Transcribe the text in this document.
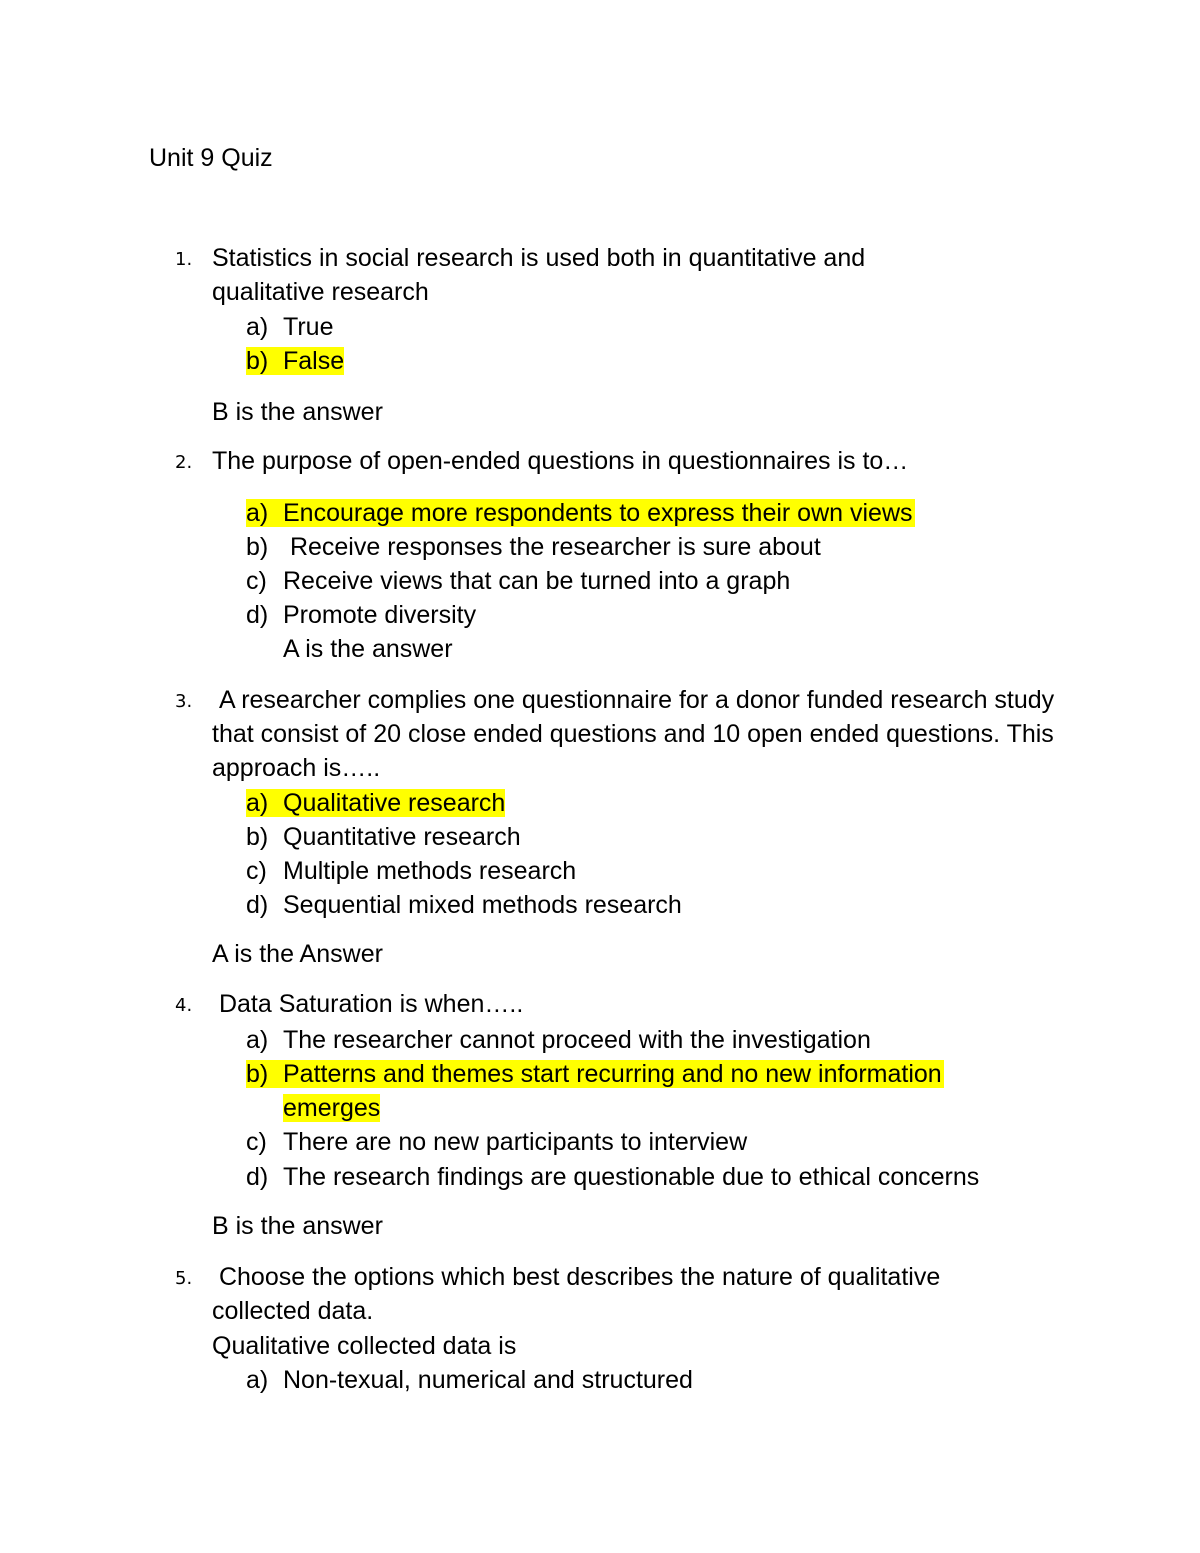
Unit 9 Quiz
1. Statistics in social research is used both in quantitative and qualitative research

a) True
b) False
B is the answer
2. The purpose of open-ended questions in questionnaires is to…

a) Encourage more respondents to express their own views
b) Receive responses the researcher is sure about
c) Receive views that can be turned into a graph
d) Promote diversity
A is the answer
3. A researcher complies one questionnaire for a donor funded research study that consist of 20 close ended questions and 10 open ended questions. This approach is…..

a) Qualitative research
b) Quantitative research
c) Multiple methods research
d) Sequential mixed methods research
A is the Answer
4. Data Saturation is when…..

a) The researcher cannot proceed with the investigation
b) Patterns and themes start recurring and no new information
emerges
c) There are no new participants to interview
d) The research findings are questionable due to ethical concerns
B is the answer
5. Choose the options which best describes the nature of qualitative collected data.

Qualitative collected data is
a) Non-texual, numerical and structured
